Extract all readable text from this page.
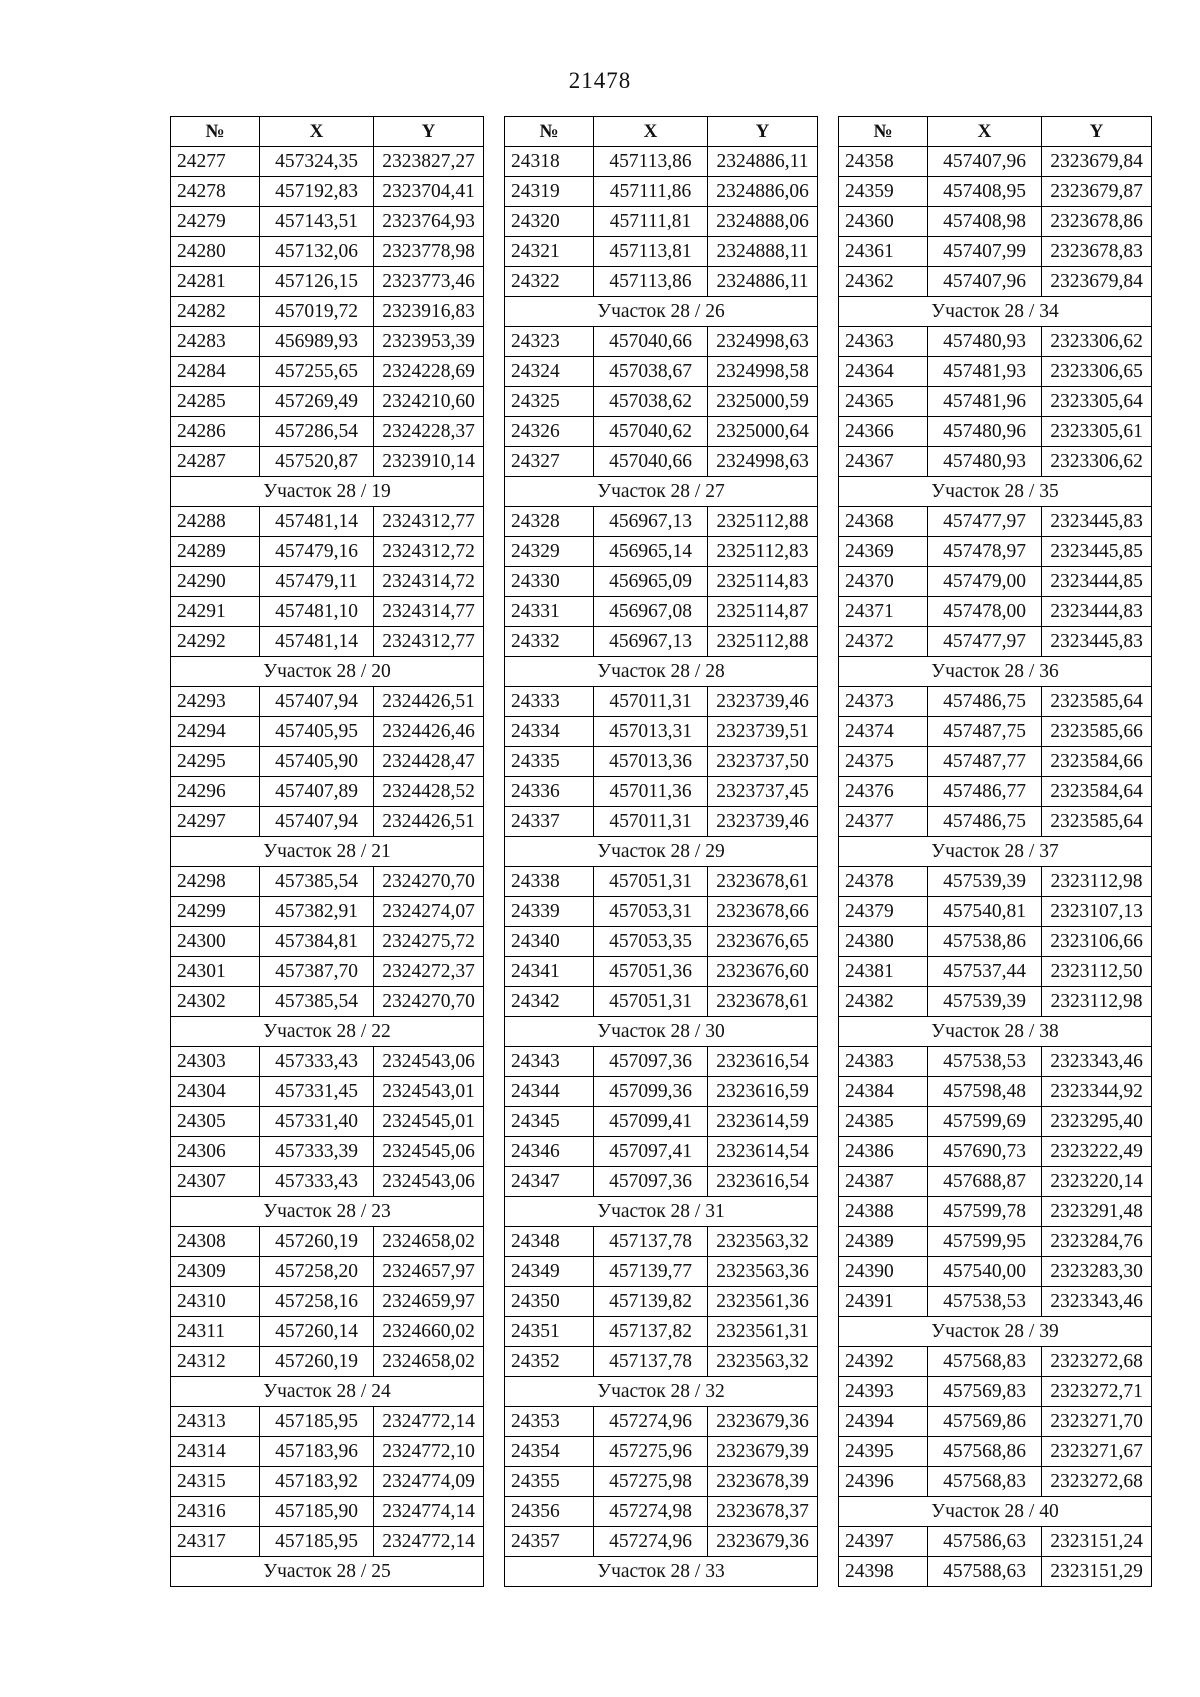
21478
№	X	Y
24277	457324,35	2323827,27
24278	457192,83	2323704,41
24279	457143,51	2323764,93
24280	457132,06	2323778,98
24281	457126,15	2323773,46
24282	457019,72	2323916,83
24283	456989,93	2323953,39
24284	457255,65	2324228,69
24285	457269,49	2324210,60
24286	457286,54	2324228,37
24287	457520,87	2323910,14
Участок 28 / 19		
24288	457481,14	2324312,77
24289	457479,16	2324312,72
24290	457479,11	2324314,72
24291	457481,10	2324314,77
24292	457481,14	2324312,77
Участок 28 / 20		
24293	457407,94	2324426,51
24294	457405,95	2324426,46
24295	457405,90	2324428,47
24296	457407,89	2324428,52
24297	457407,94	2324426,51
Участок 28 / 21		
24298	457385,54	2324270,70
24299	457382,91	2324274,07
24300	457384,81	2324275,72
24301	457387,70	2324272,37
24302	457385,54	2324270,70
Участок 28 / 22		
24303	457333,43	2324543,06
24304	457331,45	2324543,01
24305	457331,40	2324545,01
24306	457333,39	2324545,06
24307	457333,43	2324543,06
Участок 28 / 23		
24308	457260,19	2324658,02
24309	457258,20	2324657,97
24310	457258,16	2324659,97
24311	457260,14	2324660,02
24312	457260,19	2324658,02
Участок 28 / 24		
24313	457185,95	2324772,14
24314	457183,96	2324772,10
24315	457183,92	2324774,09
24316	457185,90	2324774,14
24317	457185,95	2324772,14
Участок 28 / 25		
№	X	Y
24318	457113,86	2324886,11
24319	457111,86	2324886,06
24320	457111,81	2324888,06
24321	457113,81	2324888,11
24322	457113,86	2324886,11
Участок 28 / 26		
24323	457040,66	2324998,63
24324	457038,67	2324998,58
24325	457038,62	2325000,59
24326	457040,62	2325000,64
24327	457040,66	2324998,63
Участок 28 / 27		
24328	456967,13	2325112,88
24329	456965,14	2325112,83
24330	456965,09	2325114,83
24331	456967,08	2325114,87
24332	456967,13	2325112,88
Участок 28 / 28		
24333	457011,31	2323739,46
24334	457013,31	2323739,51
24335	457013,36	2323737,50
24336	457011,36	2323737,45
24337	457011,31	2323739,46
Участок 28 / 29		
24338	457051,31	2323678,61
24339	457053,31	2323678,66
24340	457053,35	2323676,65
24341	457051,36	2323676,60
24342	457051,31	2323678,61
Участок 28 / 30		
24343	457097,36	2323616,54
24344	457099,36	2323616,59
24345	457099,41	2323614,59
24346	457097,41	2323614,54
24347	457097,36	2323616,54
Участок 28 / 31		
24348	457137,78	2323563,32
24349	457139,77	2323563,36
24350	457139,82	2323561,36
24351	457137,82	2323561,31
24352	457137,78	2323563,32
Участок 28 / 32		
24353	457274,96	2323679,36
24354	457275,96	2323679,39
24355	457275,98	2323678,39
24356	457274,98	2323678,37
24357	457274,96	2323679,36
Участок 28 / 33		
№	X	Y
24358	457407,96	2323679,84
24359	457408,95	2323679,87
24360	457408,98	2323678,86
24361	457407,99	2323678,83
24362	457407,96	2323679,84
Участок 28 / 34		
24363	457480,93	2323306,62
24364	457481,93	2323306,65
24365	457481,96	2323305,64
24366	457480,96	2323305,61
24367	457480,93	2323306,62
Участок 28 / 35		
24368	457477,97	2323445,83
24369	457478,97	2323445,85
24370	457479,00	2323444,85
24371	457478,00	2323444,83
24372	457477,97	2323445,83
Участок 28 / 36		
24373	457486,75	2323585,64
24374	457487,75	2323585,66
24375	457487,77	2323584,66
24376	457486,77	2323584,64
24377	457486,75	2323585,64
Участок 28 / 37		
24378	457539,39	2323112,98
24379	457540,81	2323107,13
24380	457538,86	2323106,66
24381	457537,44	2323112,50
24382	457539,39	2323112,98
Участок 28 / 38		
24383	457538,53	2323343,46
24384	457598,48	2323344,92
24385	457599,69	2323295,40
24386	457690,73	2323222,49
24387	457688,87	2323220,14
24388	457599,78	2323291,48
24389	457599,95	2323284,76
24390	457540,00	2323283,30
24391	457538,53	2323343,46
Участок 28 / 39		
24392	457568,83	2323272,68
24393	457569,83	2323272,71
24394	457569,86	2323271,70
24395	457568,86	2323271,67
24396	457568,83	2323272,68
Участок 28 / 40		
24397	457586,63	2323151,24
24398	457588,63	2323151,29
